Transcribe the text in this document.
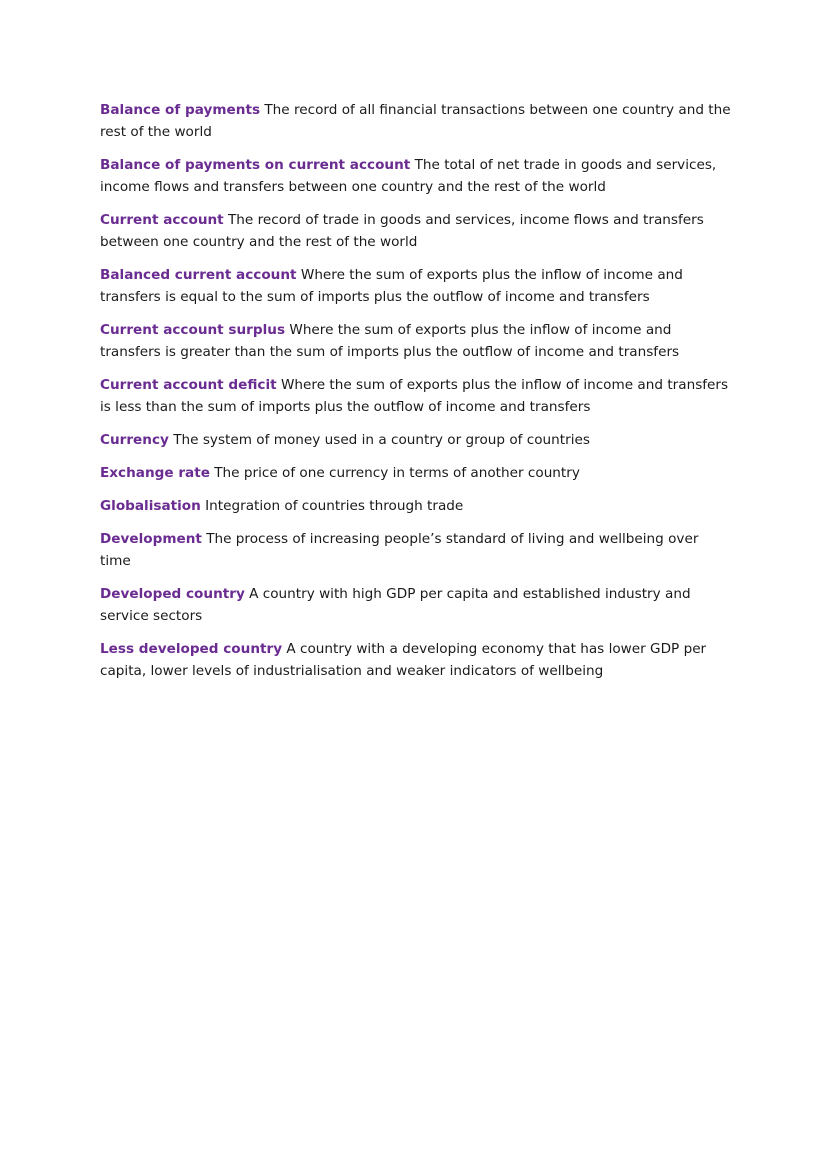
Balance of payments The record of all financial transactions between one country and the rest of the world
Balance of payments on current account The total of net trade in goods and services, income flows and transfers between one country and the rest of the world
Current account The record of trade in goods and services, income flows and transfers between one country and the rest of the world
Balanced current account Where the sum of exports plus the inflow of income and transfers is equal to the sum of imports plus the outflow of income and transfers
Current account surplus Where the sum of exports plus the inflow of income and transfers is greater than the sum of imports plus the outflow of income and transfers
Current account deficit Where the sum of exports plus the inflow of income and transfers is less than the sum of imports plus the outflow of income and transfers
Currency The system of money used in a country or group of countries
Exchange rate The price of one currency in terms of another country
Globalisation Integration of countries through trade
Development The process of increasing people’s standard of living and wellbeing over time
Developed country A country with high GDP per capita and established industry and service sectors
Less developed country A country with a developing economy that has lower GDP per capita, lower levels of industrialisation and weaker indicators of wellbeing
